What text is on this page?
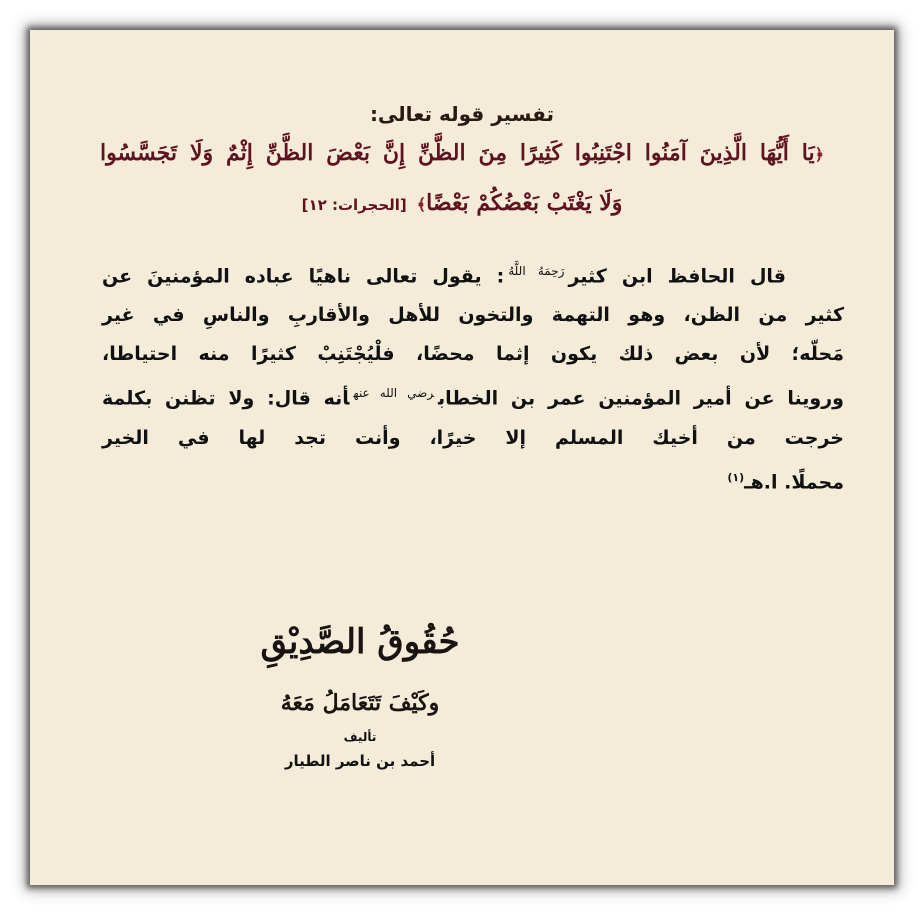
تفسير قوله تعالى:
﴿يَا أَيُّهَا الَّذِينَ آمَنُوا اجْتَنِبُوا كَثِيرًا مِنَ الظَّنِّ إِنَّ بَعْضَ الظَّنِّ إِثْمٌ وَلَا تَجَسَّسُوا
وَلَا يَغْتَبْ بَعْضُكُمْ بَعْضًا﴾[الحجرات: ١٢]
قال الحافظ ابن كثير$^{رَحِمَهُ اللَّهُ}$: يقول تعالى ناهيًا عباده المؤمنينَ عن
كثير من الظن، وهو التهمة والتخون للأهل والأقاربِ والناسِ في غير
مَحلّه؛ لأن بعض ذلك يكون إثما محضًا، فلْيُجْتَنِبْ كثيرًا منه احتياطا،
وروينا عن أمير المؤمنين عمر بن الخطاب$^{رضي الله عنه}$أنه قال: ولا تظنن بكلمة
خرجت من أخيك المسلم إلا خيرًا، وأنت تجد لها في الخير
محملًا. ا.هـ$^{(١)}$
حُقُوقُ الصَّدِيْقِ
وكَيْفَ تَتَعَامَلُ مَعَهُ
تأليف
أحمد بن ناصر الطيار
